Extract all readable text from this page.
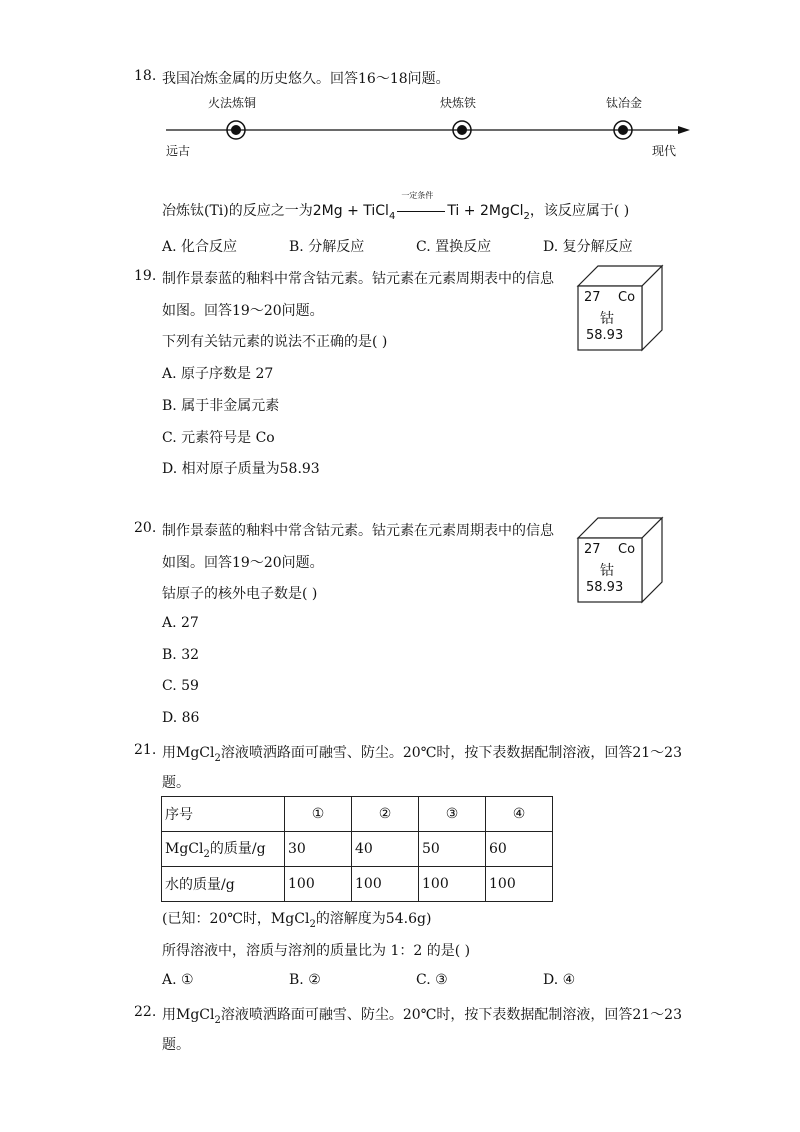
18. 我国冶炼金属的历史悠久。回答16～18问题。
火法炼铜	炔炼铁	钛冶金
远古	现代
冶炼钛(Ti)的反应之一为2Mg + TiCl$_4$
一定条件
Ti + 2MgCl$_2$，该反应属于( )
A. 化合反应	B. 分解反应	C. 置换反应	D. 复分解反应
19. 制作景泰蓝的釉料中常含钴元素。钴元素在元素周期表中的信息
如图。回答19～20问题。
下列有关钴元素的说法不正确的是( )
A. 原子序数是 27
B. 属于非金属元素
C. 元素符号是 Co
D. 相对原子质量为58.93
27 Co
钴
58.93
20. 制作景泰蓝的釉料中常含钴元素。钴元素在元素周期表中的信息
如图。回答19～20问题。
钴原子的核外电子数是( )
A. 27
B. 32
C. 59
D. 86
27 Co
钴
58.93
21. 用MgCl$_2$溶液喷洒路面可融雪、防尘。20℃时，按下表数据配制溶液，回答21～23
题。
序号	①	②	③	④
MgCl$_2$的质量/g	30	40	50	60
水的质量/g	100	100	100	100
(已知：20℃时，MgCl$_2$的溶解度为54.6g)
所得溶液中，溶质与溶剂的质量比为 1：2 的是( )
A. ①	B. ②	C. ③	D. ④
22. 用MgCl$_2$溶液喷洒路面可融雪、防尘。20℃时，按下表数据配制溶液，回答21～23
题。
